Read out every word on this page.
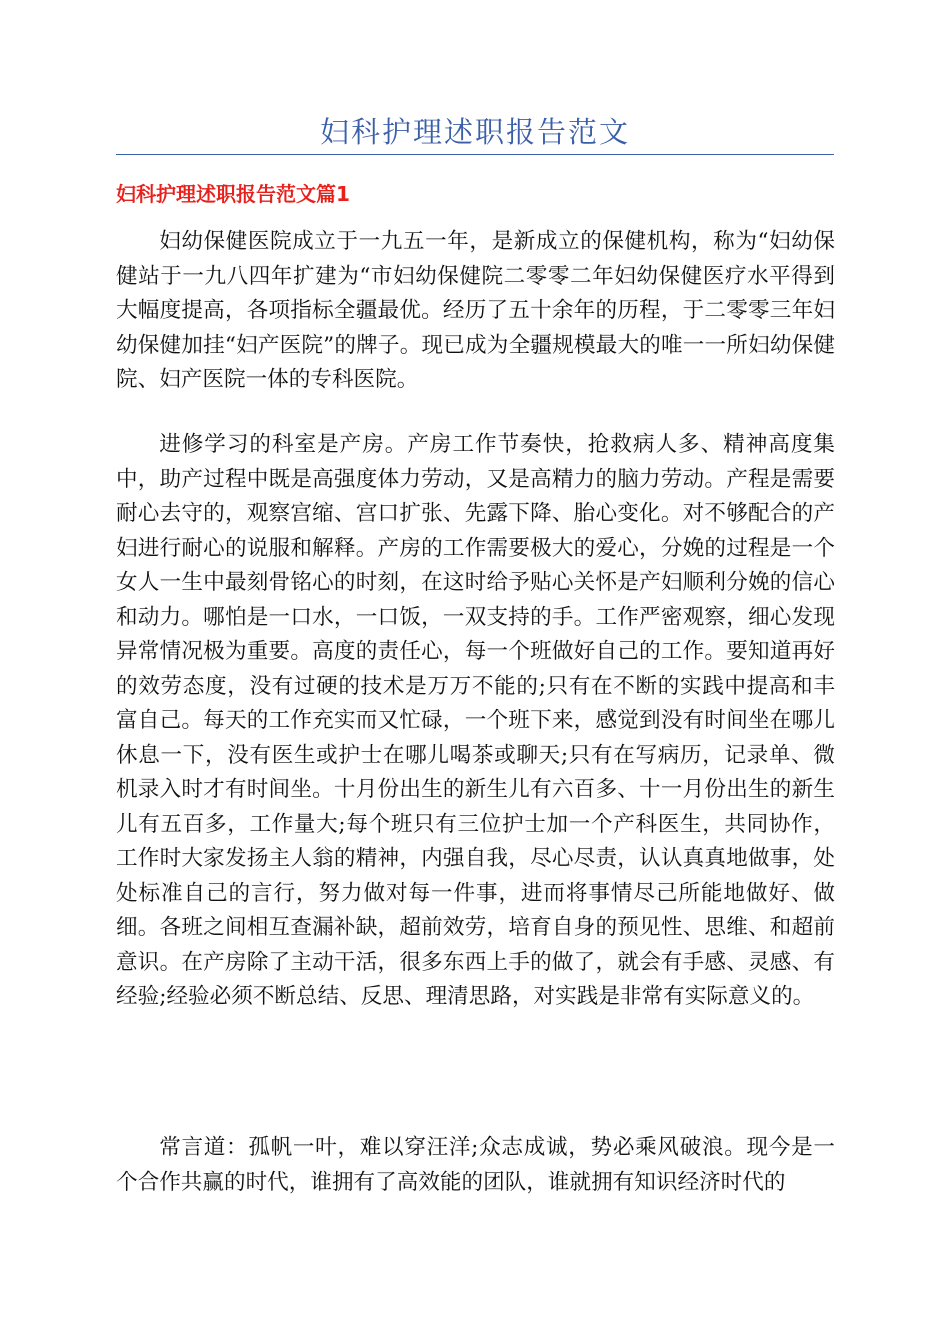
妇科护理述职报告范文
妇科护理述职报告范文篇1

妇幼保健医院成立于一九五一年，是新成立的保健机构，称为“妇幼保健站于一九八四年扩建为“市妇幼保健院二零零二年妇幼保健医疗水平得到大幅度提高，各项指标全疆最优。经历了五十余年的历程，于二零零三年妇幼保健加挂“妇产医院”的牌子。现已成为全疆规模最大的唯一一所妇幼保健院、妇产医院一体的专科医院。

进修学习的科室是产房。产房工作节奏快，抢救病人多、精神高度集中，助产过程中既是高强度体力劳动，又是高精力的脑力劳动。产程是需要耐心去守的，观察宫缩、宫口扩张、先露下降、胎心变化。对不够配合的产妇进行耐心的说服和解释。产房的工作需要极大的爱心，分娩的过程是一个女人一生中最刻骨铭心的时刻，在这时给予贴心关怀是产妇顺利分娩的信心和动力。哪怕是一口水，一口饭，一双支持的手。工作严密观察，细心发现异常情况极为重要。高度的责任心，每一个班做好自己的工作。要知道再好的效劳态度，没有过硬的技术是万万不能的;只有在不断的实践中提高和丰富自己。每天的工作充实而又忙碌，一个班下来，感觉到没有时间坐在哪儿休息一下，没有医生或护士在哪儿喝茶或聊天;只有在写病历，记录单、微机录入时才有时间坐。十月份出生的新生儿有六百多、十一月份出生的新生儿有五百多，工作量大;每个班只有三位护士加一个产科医生，共同协作，工作时大家发扬主人翁的精神，内强自我，尽心尽责，认认真真地做事，处处标准自己的言行，努力做对每一件事，进而将事情尽己所能地做好、做细。各班之间相互查漏补缺，超前效劳，培育自身的预见性、思维、和超前意识。在产房除了主动干活，很多东西上手的做了，就会有手感、灵感、有经验;经验必须不断总结、反思、理清思路，对实践是非常有实际意义的。

常言道：孤帆一叶，难以穿汪洋;众志成诚，势必乘风破浪。现今是一个合作共赢的时代，谁拥有了高效能的团队，谁就拥有知识经济时代的
